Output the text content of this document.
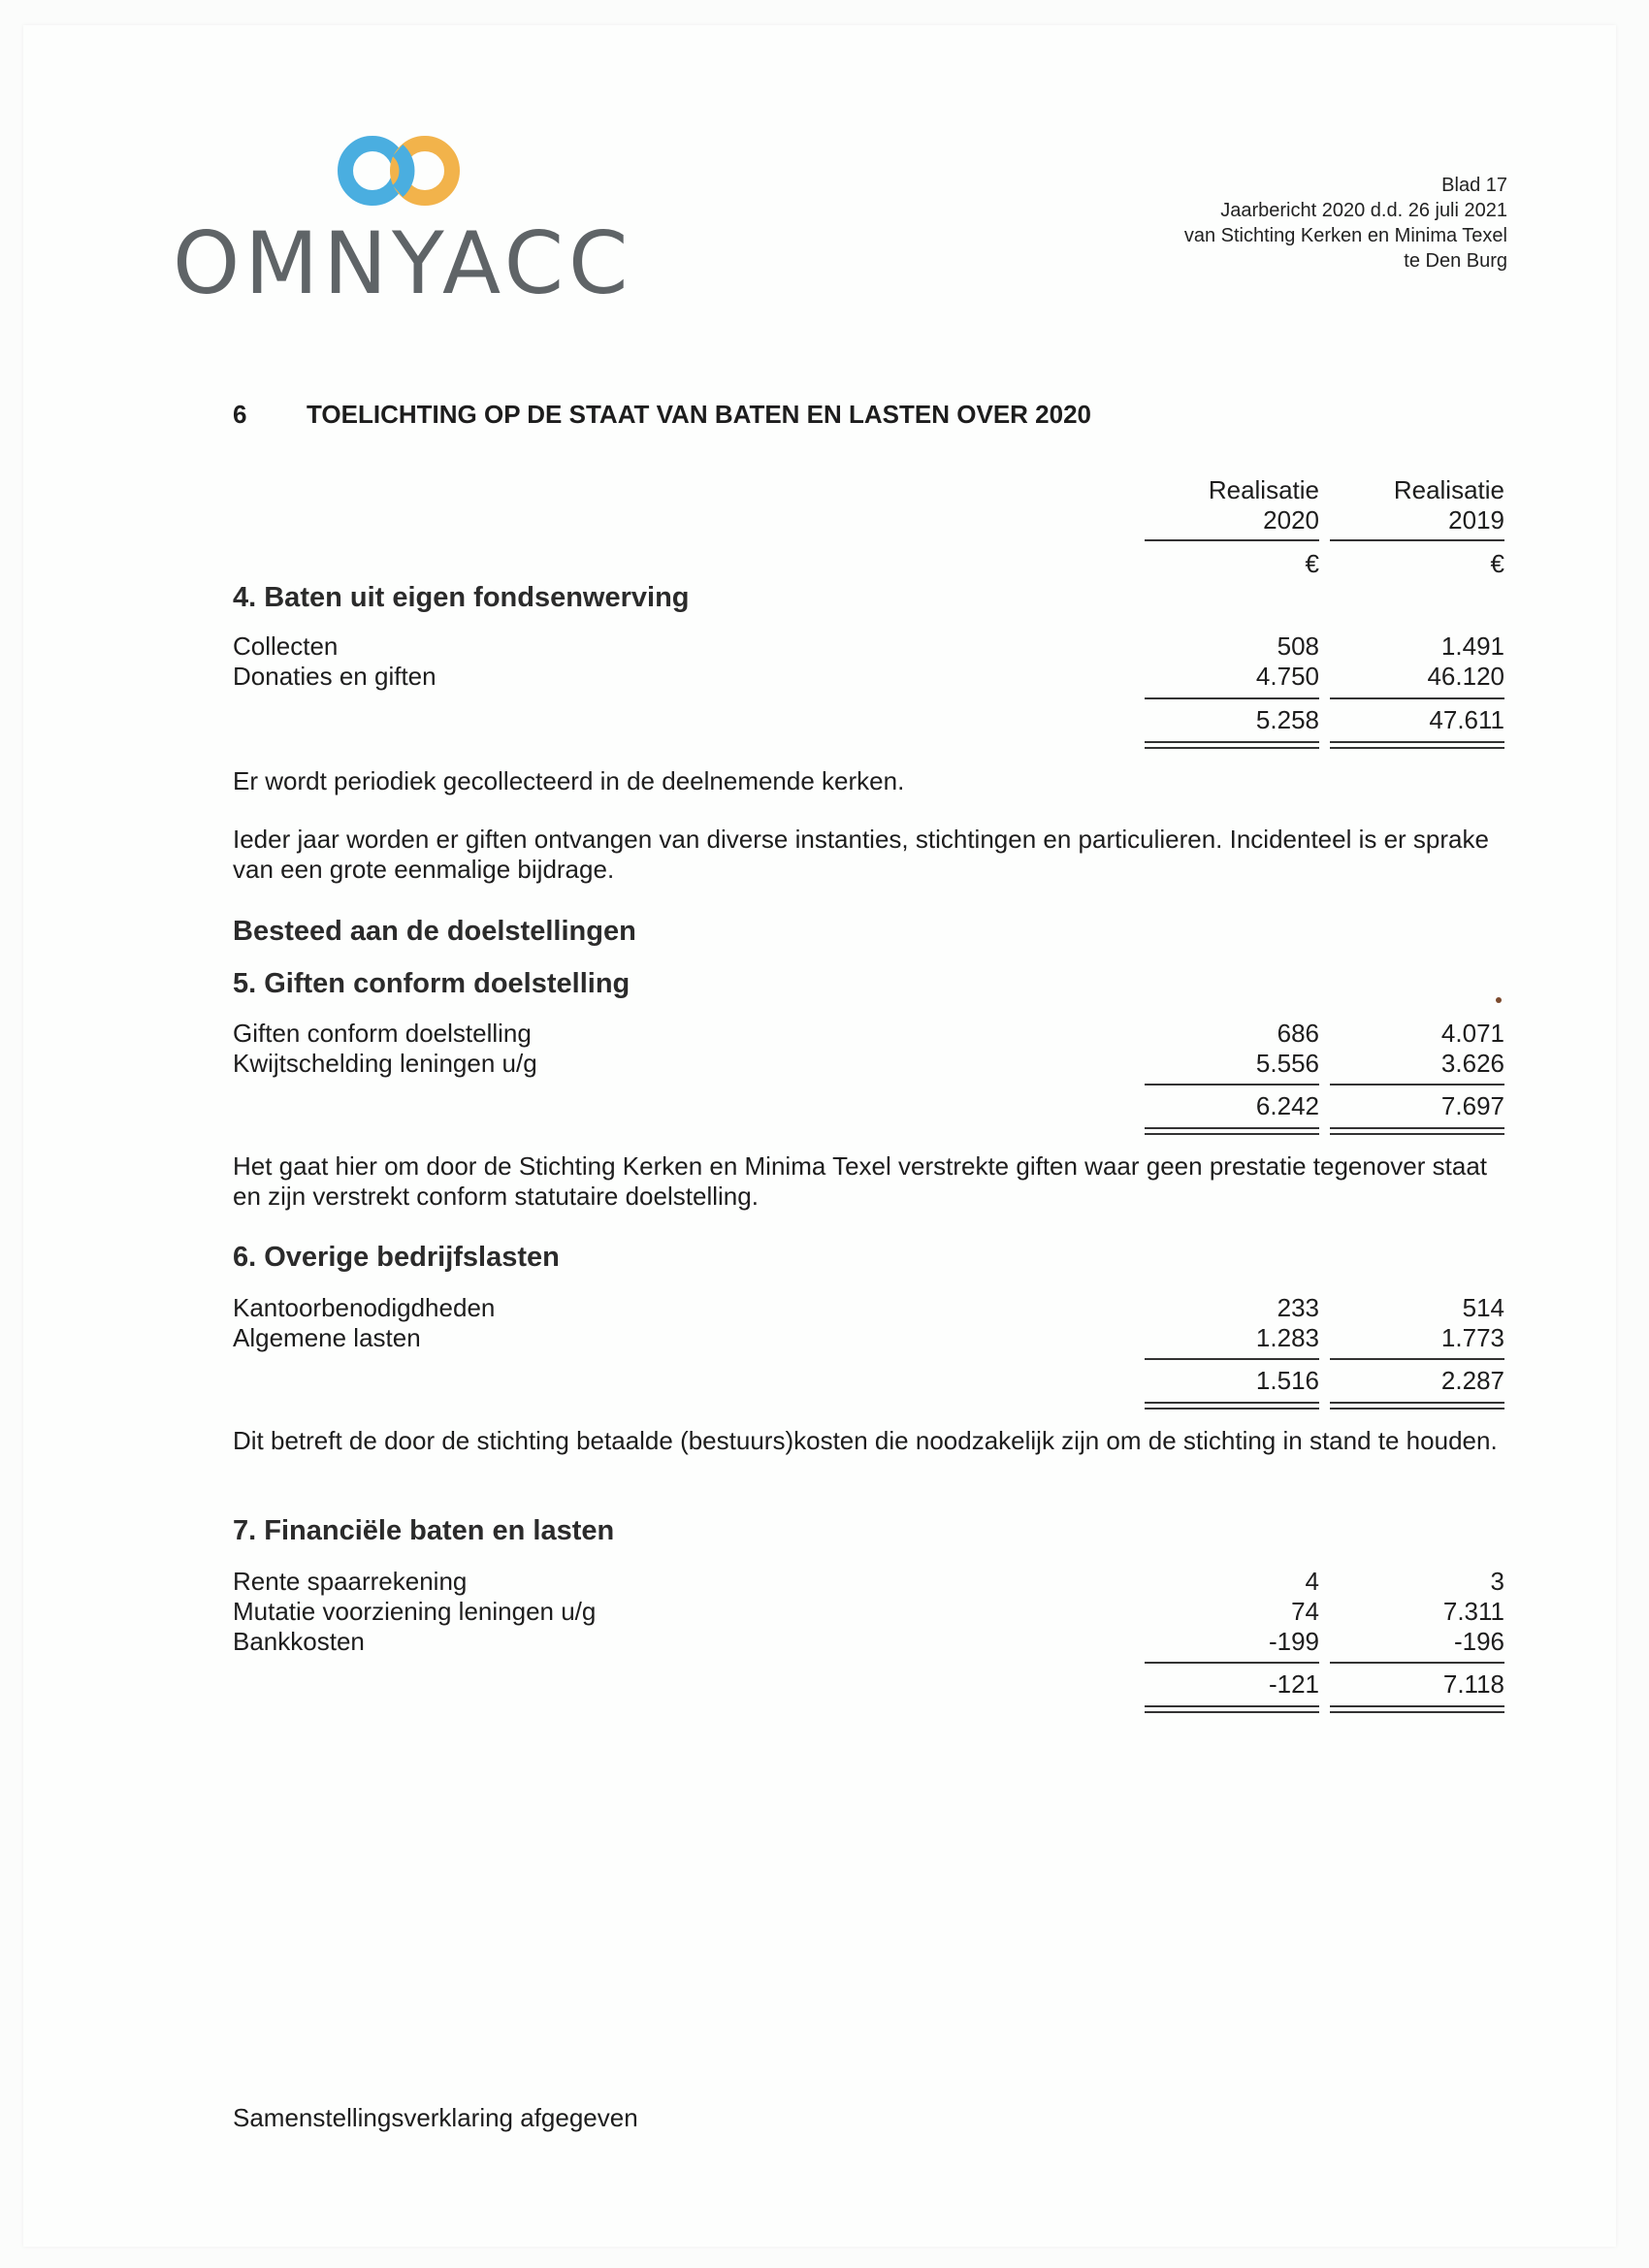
OMNYACC
Blad 17
Jaarbericht 2020 d.d. 26 juli 2021
van Stichting Kerken en Minima Texel
te Den Burg
6 TOELICHTING OP DE STAAT VAN BATEN EN LASTEN OVER 2020
Realisatie
2020
Realisatie
2019
€	€
4. Baten uit eigen fondsenwerving
Collecten	508	1.491
Donaties en giften	4.750	46.120
5.258	47.611
Er wordt periodiek gecollecteerd in de deelnemende kerken.
Ieder jaar worden er giften ontvangen van diverse instanties, stichtingen en particulieren. Incidenteel is er sprake van een grote eenmalige bijdrage.
Besteed aan de doelstellingen
5. Giften conform doelstelling
Giften conform doelstelling	686	4.071
Kwijtschelding leningen u/g	5.556	3.626
6.242	7.697
Het gaat hier om door de Stichting Kerken en Minima Texel verstrekte giften waar geen prestatie tegenover staat en zijn verstrekt conform statutaire doelstelling.
6. Overige bedrijfslasten
Kantoorbenodigdheden	233	514
Algemene lasten	1.283	1.773
1.516	2.287
Dit betreft de door de stichting betaalde (bestuurs)kosten die noodzakelijk zijn om de stichting in stand te houden.
7. Financiële baten en lasten
Rente spaarrekening	4	3
Mutatie voorziening leningen u/g	74	7.311
Bankkosten	-199	-196
-121	7.118
Samenstellingsverklaring afgegeven
